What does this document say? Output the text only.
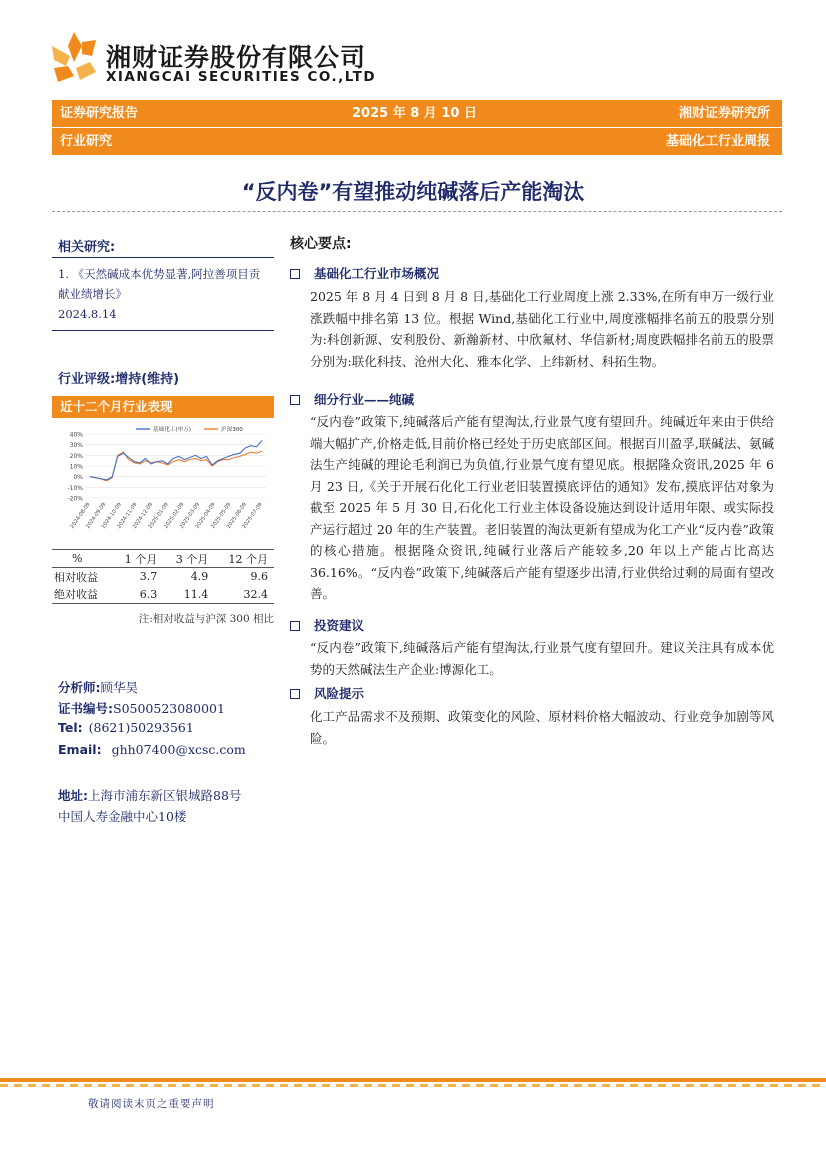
湘财证券股份有限公司
XIANGCAI SECURITIES CO.,LTD
证券研究报告	2025 年 8 月 10 日	湘财证券研究所
行业研究	基础化工行业周报
“反内卷”有望推动纯碱落后产能淘汰
相关研究:
1. 《天然碱成本优势显著,阿拉善项目贡献业绩增长》
2024.8.14
行业评级:增持(维持)
近十二个月行业表现
40%
30%
20%
10%
0%
-10%
-20%
2024-08-09
2024-09-09
2024-10-09
2024-11-09
2024-12-09
2025-01-09
2025-02-09
2025-03-09
2025-04-09
2025-05-09
2025-06-09
2025-07-09
基础化工(申万)	沪深300
%	1 个月	3 个月	12 个月
相对收益	3.7	4.9	9.6
绝对收益	6.3	11.4	32.4
注:相对收益与沪深 300 相比
分析师:顾华昊
证书编号:S0500523080001
Tel: (8621)50293561
Email: ghh07400@xcsc.com
地址:上海市浦东新区银城路88号
中国人寿金融中心10楼
核心要点:
基础化工行业市场概况
2025 年 8 月 4 日到 8 月 8 日,基础化工行业周度上涨 2.33%,在所有申万一级行业涨跌幅中排名第 13 位。根据 Wind,基础化工行业中,周度涨幅排名前五的股票分别为:科创新源、安利股份、新瀚新材、中欣氟材、华信新材;周度跌幅排名前五的股票分别为:联化科技、沧州大化、雅本化学、上纬新材、科拓生物。
细分行业——纯碱
“反内卷”政策下,纯碱落后产能有望淘汰,行业景气度有望回升。纯碱近年来由于供给端大幅扩产,价格走低,目前价格已经处于历史底部区间。根据百川盈孚,联碱法、氨碱法生产纯碱的理论毛利润已为负值,行业景气度有望见底。根据隆众资讯,2025 年 6 月 23 日,《关于开展石化化工行业老旧装置摸底评估的通知》发布,摸底评估对象为截至 2025 年 5 月 30 日,石化化工行业主体设备设施达到设计适用年限、或实际投产运行超过 20 年的生产装置。老旧装置的淘汰更新有望成为化工产业“反内卷”政策的核心措施。根据隆众资讯,纯碱行业落后产能较多,20 年以上产能占比高达 36.16%。“反内卷”政策下,纯碱落后产能有望逐步出清,行业供给过剩的局面有望改善。
投资建议
“反内卷”政策下,纯碱落后产能有望淘汰,行业景气度有望回升。建议关注具有成本优势的天然碱法生产企业:博源化工。
风险提示
化工产品需求不及预期、政策变化的风险、原材料价格大幅波动、行业竞争加剧等风险。
敬请阅读末页之重要声明
